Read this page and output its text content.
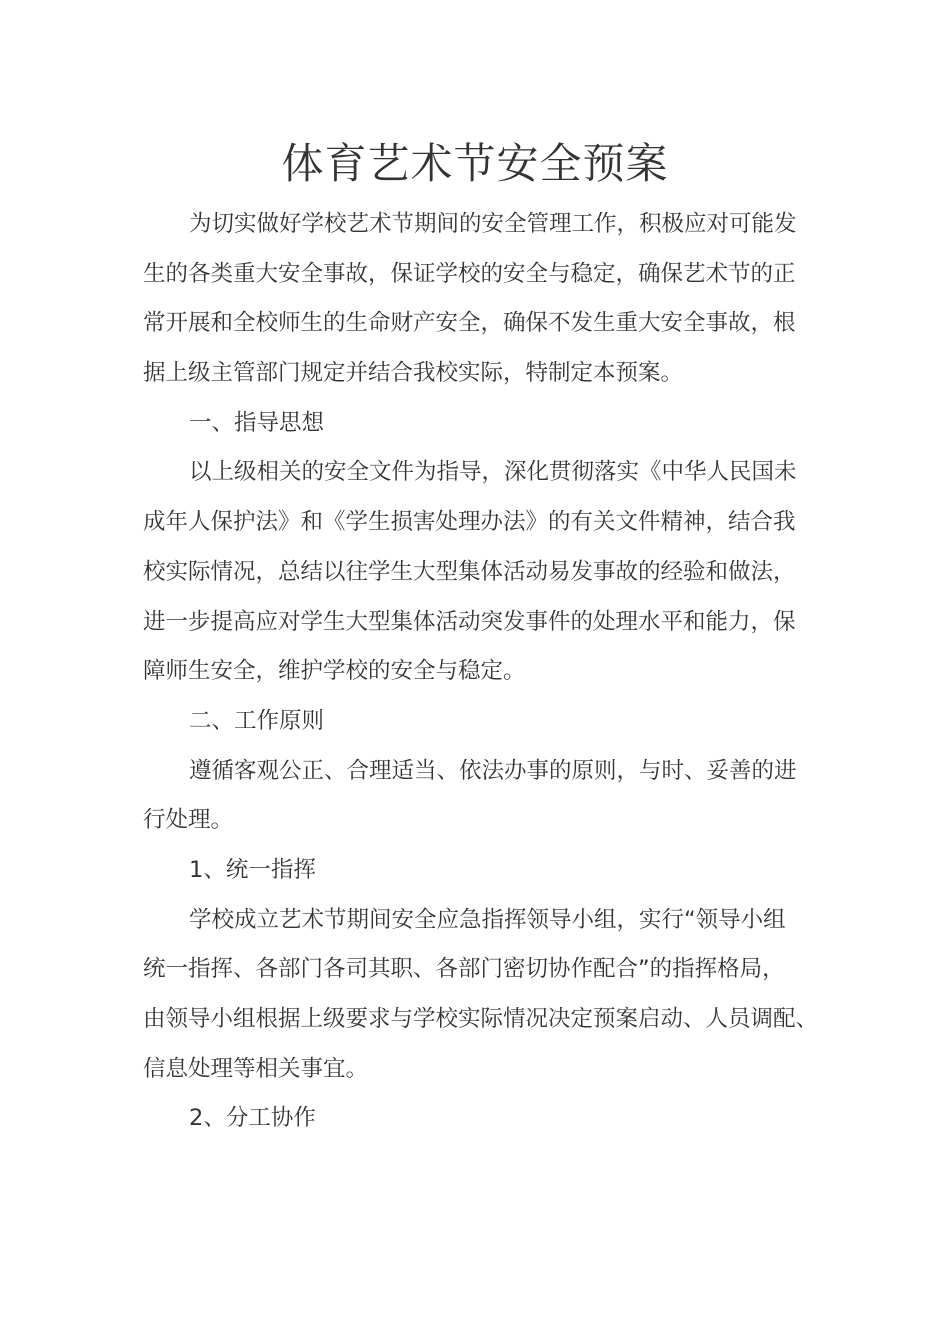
体育艺术节安全预案
为切实做好学校艺术节期间的安全管理工作，积极应对可能发
生的各类重大安全事故，保证学校的安全与稳定，确保艺术节的正
常开展和全校师生的生命财产安全，确保不发生重大安全事故，根
据上级主管部门规定并结合我校实际，特制定本预案。
一、指导思想
以上级相关的安全文件为指导，深化贯彻落实《中华人民国未
成年人保护法》和《学生损害处理办法》的有关文件精神，结合我
校实际情况，总结以往学生大型集体活动易发事故的经验和做法，
进一步提高应对学生大型集体活动突发事件的处理水平和能力，保
障师生安全，维护学校的安全与稳定。
二、工作原则
遵循客观公正、合理适当、依法办事的原则，与时、妥善的进
行处理。
1、统一指挥
学校成立艺术节期间安全应急指挥领导小组，实行“领导小组
统一指挥、各部门各司其职、各部门密切协作配合”的指挥格局，
由领导小组根据上级要求与学校实际情况决定预案启动、人员调配、
信息处理等相关事宜。
2、分工协作
